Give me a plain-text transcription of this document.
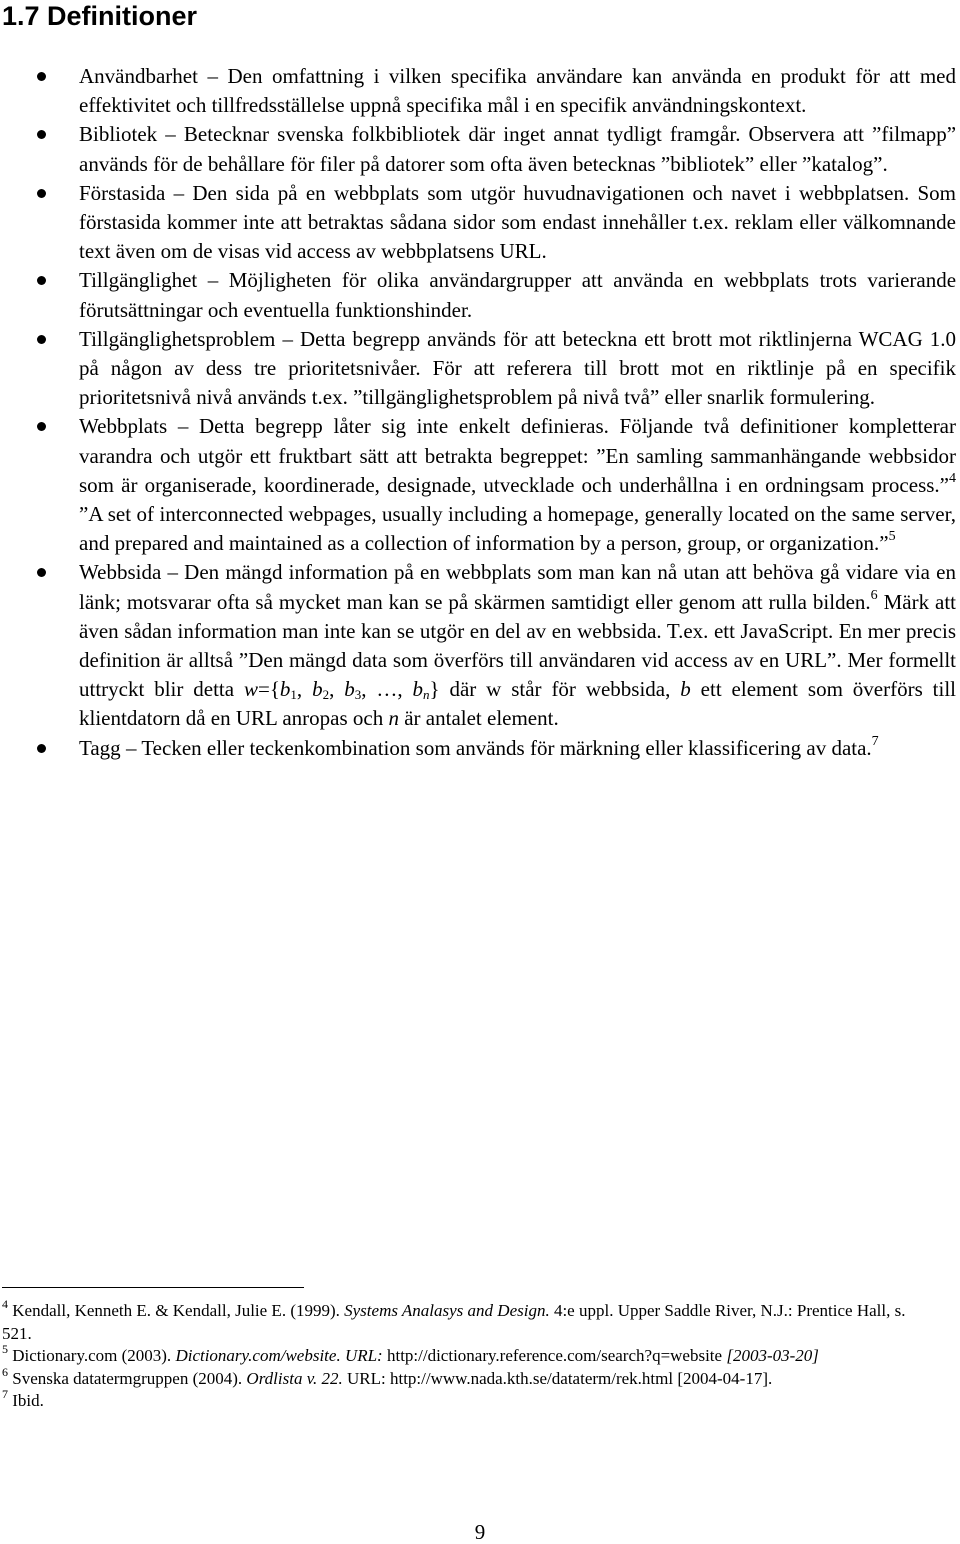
1.7 Definitioner
Användbarhet – Den omfattning i vilken specifika användare kan använda en produkt för att med effektivitet och tillfredsställelse uppnå specifika mål i en specifik användningskontext.
Bibliotek – Betecknar svenska folkbibliotek där inget annat tydligt framgår. Observera att ”filmapp” används för de behållare för filer på datorer som ofta även betecknas ”bibliotek” eller ”katalog”.
Förstasida – Den sida på en webbplats som utgör huvudnavigationen och navet i webbplatsen. Som förstasida kommer inte att betraktas sådana sidor som endast innehåller t.ex. reklam eller välkomnande text även om de visas vid access av webbplatsens URL.
Tillgänglighet – Möjligheten för olika användargrupper att använda en webbplats trots varierande förutsättningar och eventuella funktionshinder.
Tillgänglighetsproblem – Detta begrepp används för att beteckna ett brott mot riktlinjerna WCAG 1.0 på någon av dess tre prioritetsnivåer. För att referera till brott mot en riktlinje på en specifik prioritetsnivå nivå används t.ex. ”tillgänglighetsproblem på nivå två” eller snarlik formulering.
Webbplats – Detta begrepp låter sig inte enkelt definieras. Följande två definitioner kompletterar varandra och utgör ett fruktbart sätt att betrakta begreppet: ”En samling sammanhängande webbsidor som är organiserade, koordinerade, designade, utvecklade och underhållna i en ordningsam process.”$^4$ ”A set of interconnected webpages, usually including a homepage, generally located on the same server, and prepared and maintained as a collection of information by a person, group, or organization.”$^5$
Webbsida – Den mängd information på en webbplats som man kan nå utan att behöva gå vidare via en länk; motsvarar ofta så mycket man kan se på skärmen samtidigt eller genom att rulla bilden.$^6$ Märk att även sådan information man inte kan se utgör en del av en webbsida. T.ex. ett JavaScript. En mer precis definition är alltså ”Den mängd data som överförs till användaren vid access av en URL”. Mer formellt uttryckt blir detta $w=\{b_1$, $b_2$, $b_3$, …, $b_n$} där w står för webbsida, b ett element som överförs till klientdatorn då en URL anropas och n är antalet element.
Tagg – Tecken eller teckenkombination som används för märkning eller klassificering av data.$^7$

$^4$ Kendall, Kenneth E. & Kendall, Julie E. (1999). Systems Analasys and Design. 4:e uppl. Upper Saddle River, N.J.: Prentice Hall, s. 521.

$^5$ Dictionary.com (2003). Dictionary.com/website. URL: http://dictionary.reference.com/search?q=website [2003-03-20]

$^6$ Svenska datatermgruppen (2004). Ordlista v. 22. URL: http://www.nada.kth.se/dataterm/rek.html [2004-04-17].

$^7$ Ibid.

9
